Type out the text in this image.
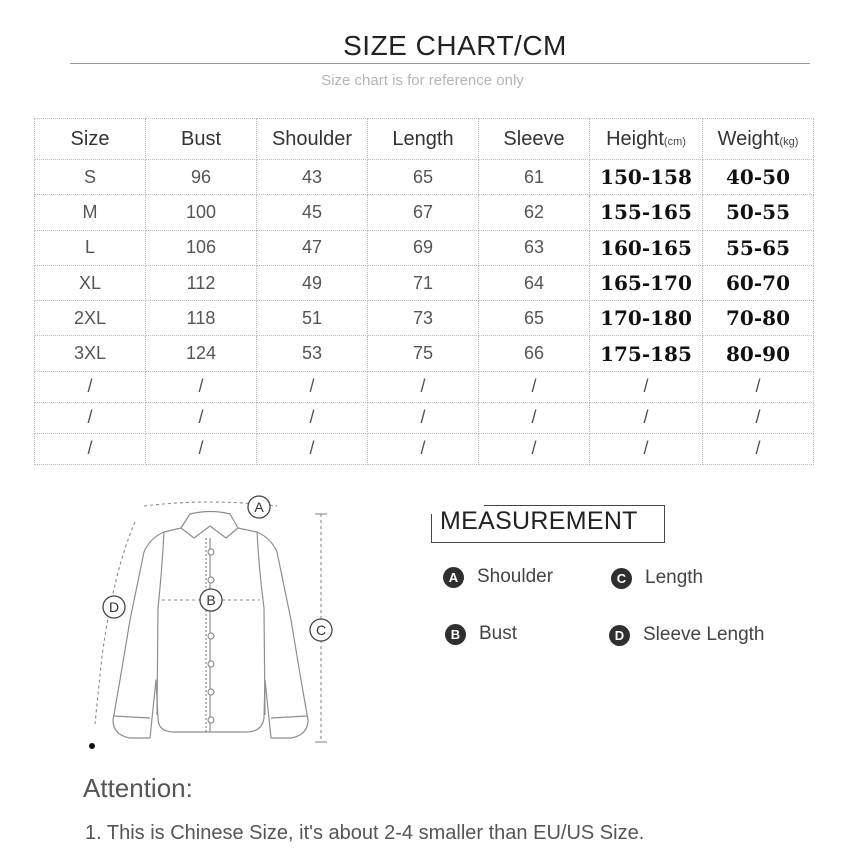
SIZE CHART/CM
Size chart is for reference only
Size	Bust	Shoulder	Length	Sleeve	Height(cm)	Weight(kg)
S	96	43	65	61	150-158	40-50
M	100	45	67	62	155-165	50-55
L	106	47	69	63	160-165	55-65
XL	112	49	71	64	165-170	60-70
2XL	118	51	73	65	170-180	70-80
3XL	124	53	75	66	175-185	80-90
/	/	/	/	/	/	/
/	/	/	/	/	/	/
/	/	/	/	/	/	/
A
B
C
D
MEASUREMENT
A Shoulder
B Bust
C Length
D Sleeve Length
Attention:
1. This is Chinese Size, it's about 2-4 smaller than EU/US Size.
